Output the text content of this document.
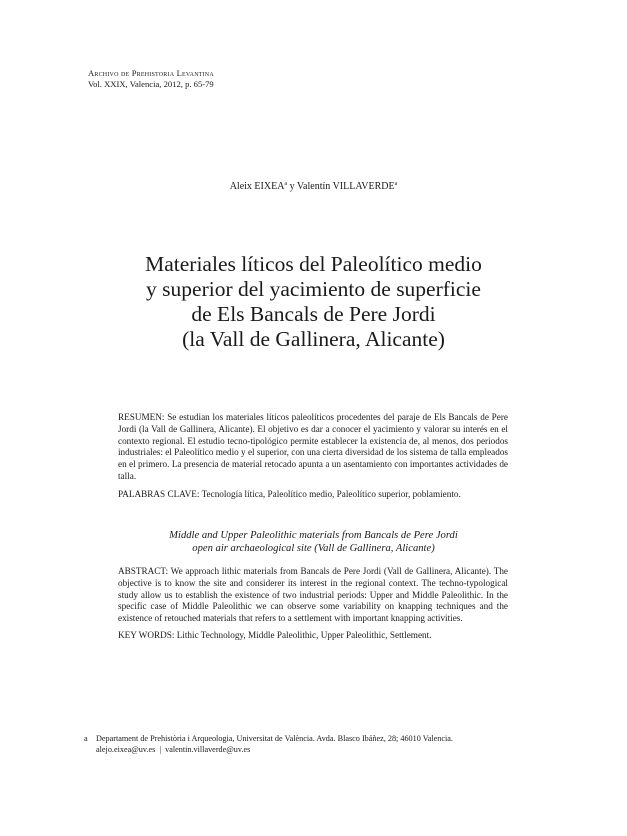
Archivo de Prehistoria Levantina
Vol. XXIX, Valencia, 2012, p. 65-79
Aleix EIXEA$^a$ y Valentín VILLAVERDE$^a$
Materiales líticos del Paleolítico medio
y superior del yacimiento de superficie
de Els Bancals de Pere Jordi
(la Vall de Gallinera, Alicante)
RESUMEN: Se estudian los materiales líticos paleolíticos procedentes del paraje de Els Bancals de Pere Jordi (la Vall de Gallinera, Alicante). El objetivo es dar a conocer el yacimiento y valorar su interés en el contexto regional. El estudio tecno-tipológico permite establecer la existencia de, al menos, dos periodos industriales: el Paleolítico medio y el superior, con una cierta diversidad de los sistema de talla empleados en el primero. La presencia de material retocado apunta a un asentamiento con importantes actividades de talla.
PALABRAS CLAVE: Tecnología lítica, Paleolítico medio, Paleolítico superior, poblamiento.
Middle and Upper Paleolithic materials from Bancals de Pere Jordi
open air archaeological site (Vall de Gallinera, Alicante)
ABSTRACT: We approach lithic materials from Bancals de Pere Jordi (Vall de Gallinera, Alicante). The objective is to know the site and considerer its interest in the regional context. The techno-typological study allow us to establish the existence of two industrial periods: Upper and Middle Paleolithic. In the specific case of Middle Paleolithic we can observe some variability on knapping techniques and the existence of retouched materials that refers to a settlement with important knapping activities.
KEY WORDS: Lithic Technology, Middle Paleolithic, Upper Paleolithic, Settlement.
a Departament de Prehistòria i Arqueologia, Universitat de València. Avda. Blasco Ibáñez, 28; 46010 Valencia.
alejo.eixea@uv.es  |  valentin.villaverde@uv.es
